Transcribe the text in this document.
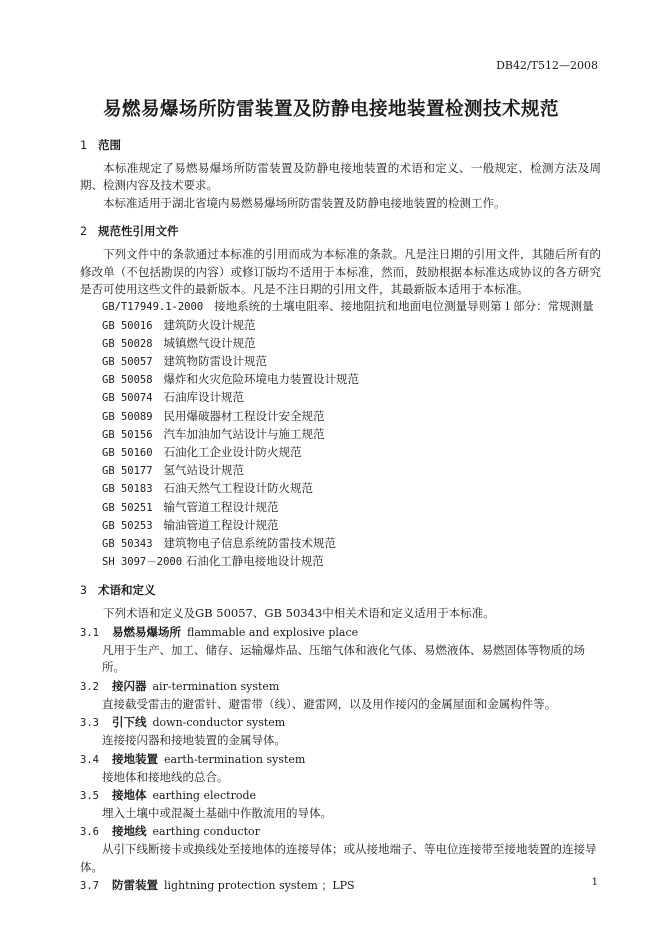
DB42/T512—2008
易燃易爆场所防雷装置及防静电接地装置检测技术规范
1 范围

本标准规定了易燃易爆场所防雷装置及防静电接地装置的术语和定义、一般规定、检测方法及周期、检测内容及技术要求。

本标准适用于湖北省境内易燃易爆场所防雷装置及防静电接地装置的检测工作。

2 规范性引用文件

下列文件中的条款通过本标准的引用而成为本标准的条款。凡是注日期的引用文件，其随后所有的修改单（不包括勘误的内容）或修订版均不适用于本标准，然而，鼓励根据本标准达成协议的各方研究是否可使用这些文件的最新版本。凡是不注日期的引用文件，其最新版本适用于本标准。

GB/T17949.1-2000 接地系统的土壤电阻率、接地阻抗和地面电位测量导则第１部分：常规测量
GB 50016 建筑防火设计规范
GB 50028 城镇燃气设计规范
GB 50057 建筑物防雷设计规范
GB 50058 爆炸和火灾危险环境电力装置设计规范
GB 50074 石油库设计规范
GB 50089 民用爆破器材工程设计安全规范
GB 50156 汽车加油加气站设计与施工规范
GB 50160 石油化工企业设计防火规范
GB 50177 氢气站设计规范
GB 50183 石油天然气工程设计防火规范
GB 50251 输气管道工程设计规范
GB 50253 输油管道工程设计规范
GB 50343 建筑物电子信息系统防雷技术规范
SH 3097－2000 石油化工静电接地设计规范
3 术语和定义

下列术语和定义及GB 50057、GB 50343中相关术语和定义适用于本标准。

3.1 易燃易爆场所 flammable and explosive place
凡用于生产、加工、储存、运输爆炸品、压缩气体和液化气体、易燃液体、易燃固体等物质的场所。
3.2 接闪器 air-termination system
直接截受雷击的避雷针、避雷带（线）、避雷网，以及用作接闪的金属屋面和金属构件等。
3.3 引下线 down-conductor system
连接接闪器和接地装置的金属导体。
3.4 接地装置 earth-termination system
接地体和接地线的总合。
3.5 接地体 earthing electrode
埋入土壤中或混凝土基础中作散流用的导体。
3.6 接地线 earthing conductor
从引下线断接卡或换线处至接地体的连接导体；或从接地端子、等电位连接带至接地装置的连接导体。
3.7 防雷装置 lightning protection system ；LPS	1
